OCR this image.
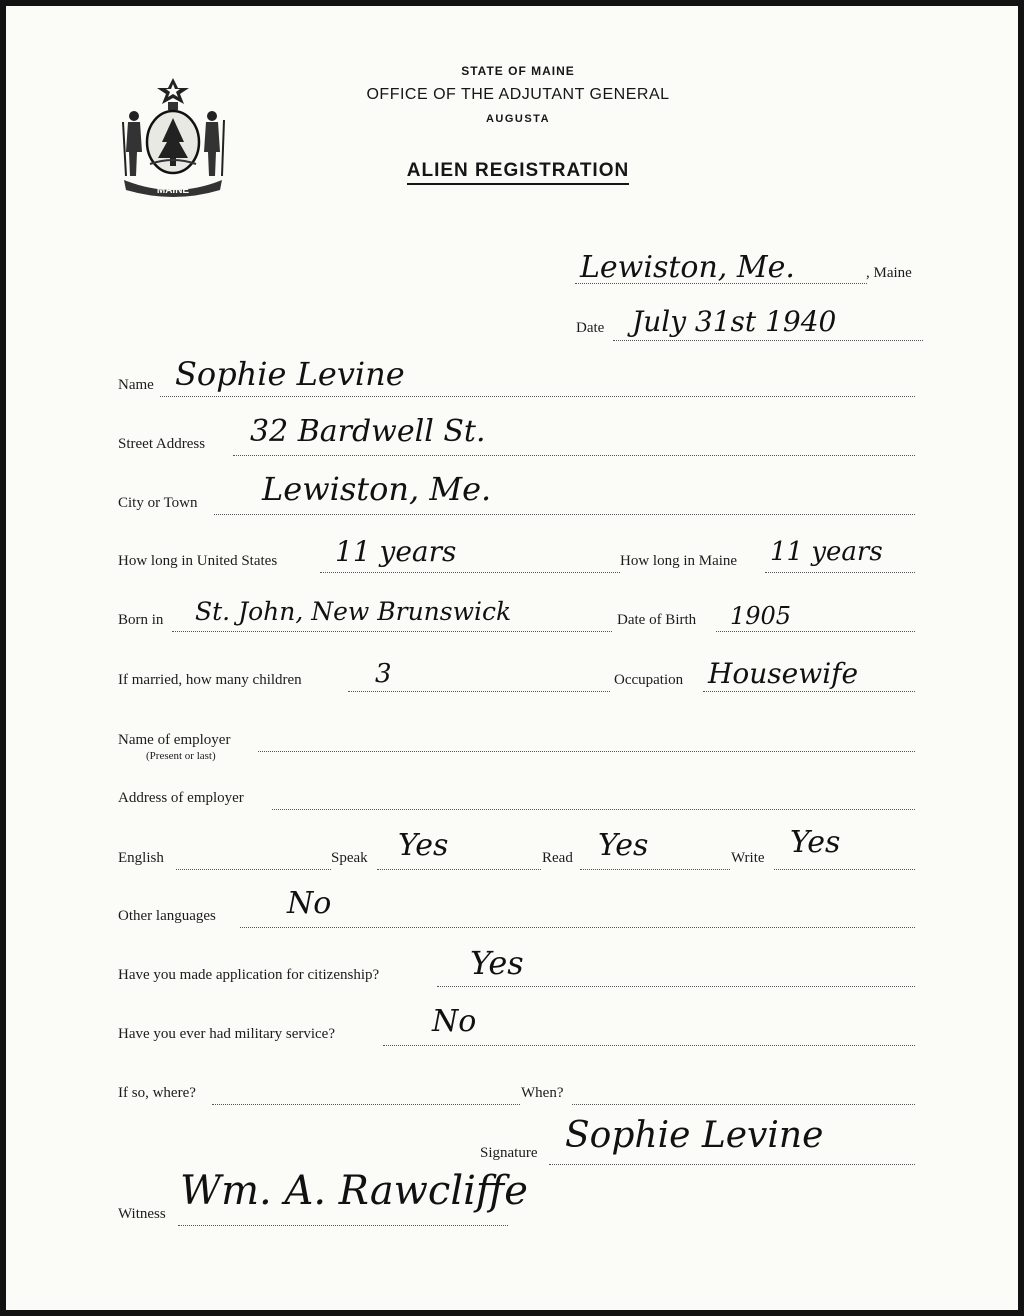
MAINE
STATE OF MAINE
OFFICE OF THE ADJUTANT GENERAL
AUGUSTA
ALIEN REGISTRATION
Lewiston, Me.	, Maine
Date July 31st 1940
Name Sophie Levine
Street Address 32 Bardwell St.
City or Town Lewiston, Me.
How long in United States 11 years	How long in Maine 11 years
Born in St. John, New Brunswick	Date of Birth 1905
If married, how many children	3	Occupation Housewife
Name of employer
(Present or last)
Address of employer
English	Speak Yes	Read Yes	Write Yes
Other languages No
Have you made application for citizenship?	Yes
Have you ever had military service?	No
If so, where?	When?
Signature Sophie Levine
Witness Wm. A. Rawcliffe
